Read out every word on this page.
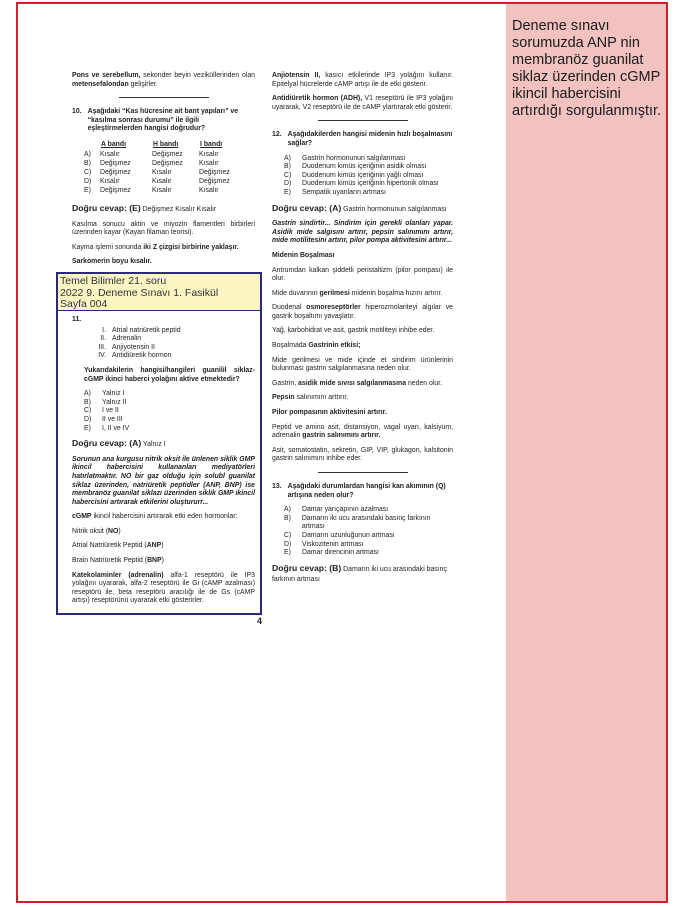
Deneme sınavı sorumuzda ANP nin membranöz guanilat siklaz üzerinden cGMP ikincil habercisini artırdığı sorgulanmıştır.

Pons ve serebellum, sekonder beyin veziküllerinden olan metensefalondan gelişirler.

10. Aşağıdaki “Kas hücresine ait bant yapıları” ve “kasılma sonrası durumu” ile ilgili eşleştirmelerden hangisi doğrudur?
	A bandı	H bandı	I bandı
A)	Kısalır	Değişmez	Kısalır
B)	Değişmez	Değişmez	Kısalır
C)	Değişmez	Kısalır	Değişmez
D)	Kısalır	Kısalır	Değişmez
E)	Değişmez	Kısalır	Kısalır
Doğru cevap: (E) Değişmez Kısalır Kısalır

Kasılma sonucu aktin ve miyozin flamentleri birbirleri üzerinden kayar (Kayan filaman teorisi).

Kayma işlemi sonunda iki Z çizgisi birbirine yaklaşır.

Sarkomerin boyu kısalır.

Temel Bilimler 21. soru
2022 9. Deneme Sınavı 1. Fasikül
Sayfa 004
11.
I. Atrial natriüretik peptid
II. Adrenalin
III. Anjiyotensin II
IV. Antidiüretik hormon

Yukarıdakilerin hangisi/hangileri guanilil siklaz-cGMP ikinci haberci yolağını aktive etmektedir?

A)	Yalnız I
B)	Yalnız II
C)	I ve II
D)	II ve III
E)	I, II ve IV
Doğru cevap: (A) Yalnız I

Sorunun ana kurgusu nitrik oksit ile ünlenen siklik GMP ikincil habercisini kullananları mediyatörleri hatırlatmaktır. NO bir gaz olduğu için solubl guanilat siklaz üzerinden, natriüretik peptidler (ANP, BNP) ise membranöz guanilat siklazı üzerinden siklik GMP ikincil habercisini artırarak etkilerini oluştururr...

cGMP ikincil habercisini artırarak etki eden hormonlar:

Nitrik oksit (NO)

Atrial Natriüretik Peptid (ANP)

Brain Natriüretik Peptid (BNP)

Katekolaminler (adrenalin) alfa-1 reseptörü ile IP3 yolağını uyararak, alfa-2 reseptörü ile Gi (cAMP azalması) reseptörü ile, beta reseptörü aracılığı ile de Gs (cAMP artışı) reseptörünü uyararak etki gösterirler.

4

Anjiotensin II, kasıcı etkilerinde IP3 yolağını kullanır. Epitelyal hücrelerde cAMP artışı ile de etki gösterir.

Antidiüretik hormon (ADH), V1 reseptörü ile IP3 yolağını uyararak, V2 reseptörü ile de cAMP ylartırarak etki gösterir.

12. Aşağıdakilerden hangisi midenin hızlı boşalmasını sağlar?
A)	Gastrin hormonunun salgılanması
B)	Duodenum kimüs içeriğinin asidik olması
C)	Duodenum kimüs içeriğinin yağlı olması
D)	Duodenum kimüs içeriğinin hipertonik olması
E)	Sempatik uyanların artması
Doğru cevap: (A) Gastrin hormonunun salgılanması

Gastrin sindirtir... Sindirim için gerekli olanları yapar. Asidik mide salgısını artırır, pepsin salınımını artırır, mide motilitesini artırır, pilor pompa aktivitesini artırır...

Midenin Boşalması

Antrumdan kalkan şiddetli peristaltizm (pilor pompası) ile olur.

Mide duvarının gerilmesi midenin boşalma hızını artırır.

Duodenal osmoreseptörler hiperozmolariteyi algılar ve gastrik boşaltımı yavaşlatır.

Yağ, karbohidrat ve asit, gastrik motiliteyi inhibe eder.

Boşalmada Gastrinin etkisi;

Mide gerilmesi ve mide içinde et sindirim ürünlerinin bulunması gastrin salgılanmasına neden olur.

Gastrin, asidik mide sıvısı salgılanmasına neden olur.

Pepsin salınımını arttırır.

Pilor pompasının aktivitesini artırır.

Peptid ve amino asit, distansiyon, vagal uyarı, kalsiyum, adrenalin gastrin salınımını artırır.

Asit, somatostatin, sekretin, GIP, VIP, glukagon, kalsitonin gastrin salınımını inhibe eder.

13. Aşağıdaki durumlardan hangisi kan akımının (Q) artışına neden olur?
A)	Damar yarıçapının azalması
B)	Damarın iki ucu arasındaki basınç farkının artması
C)	Damarın uzunluğunun artması
D)	Viskozitenin artması
E)	Damar direncinin artması
Doğru cevap: (B) Damarın iki ucu arasındaki basınç farkının artması
